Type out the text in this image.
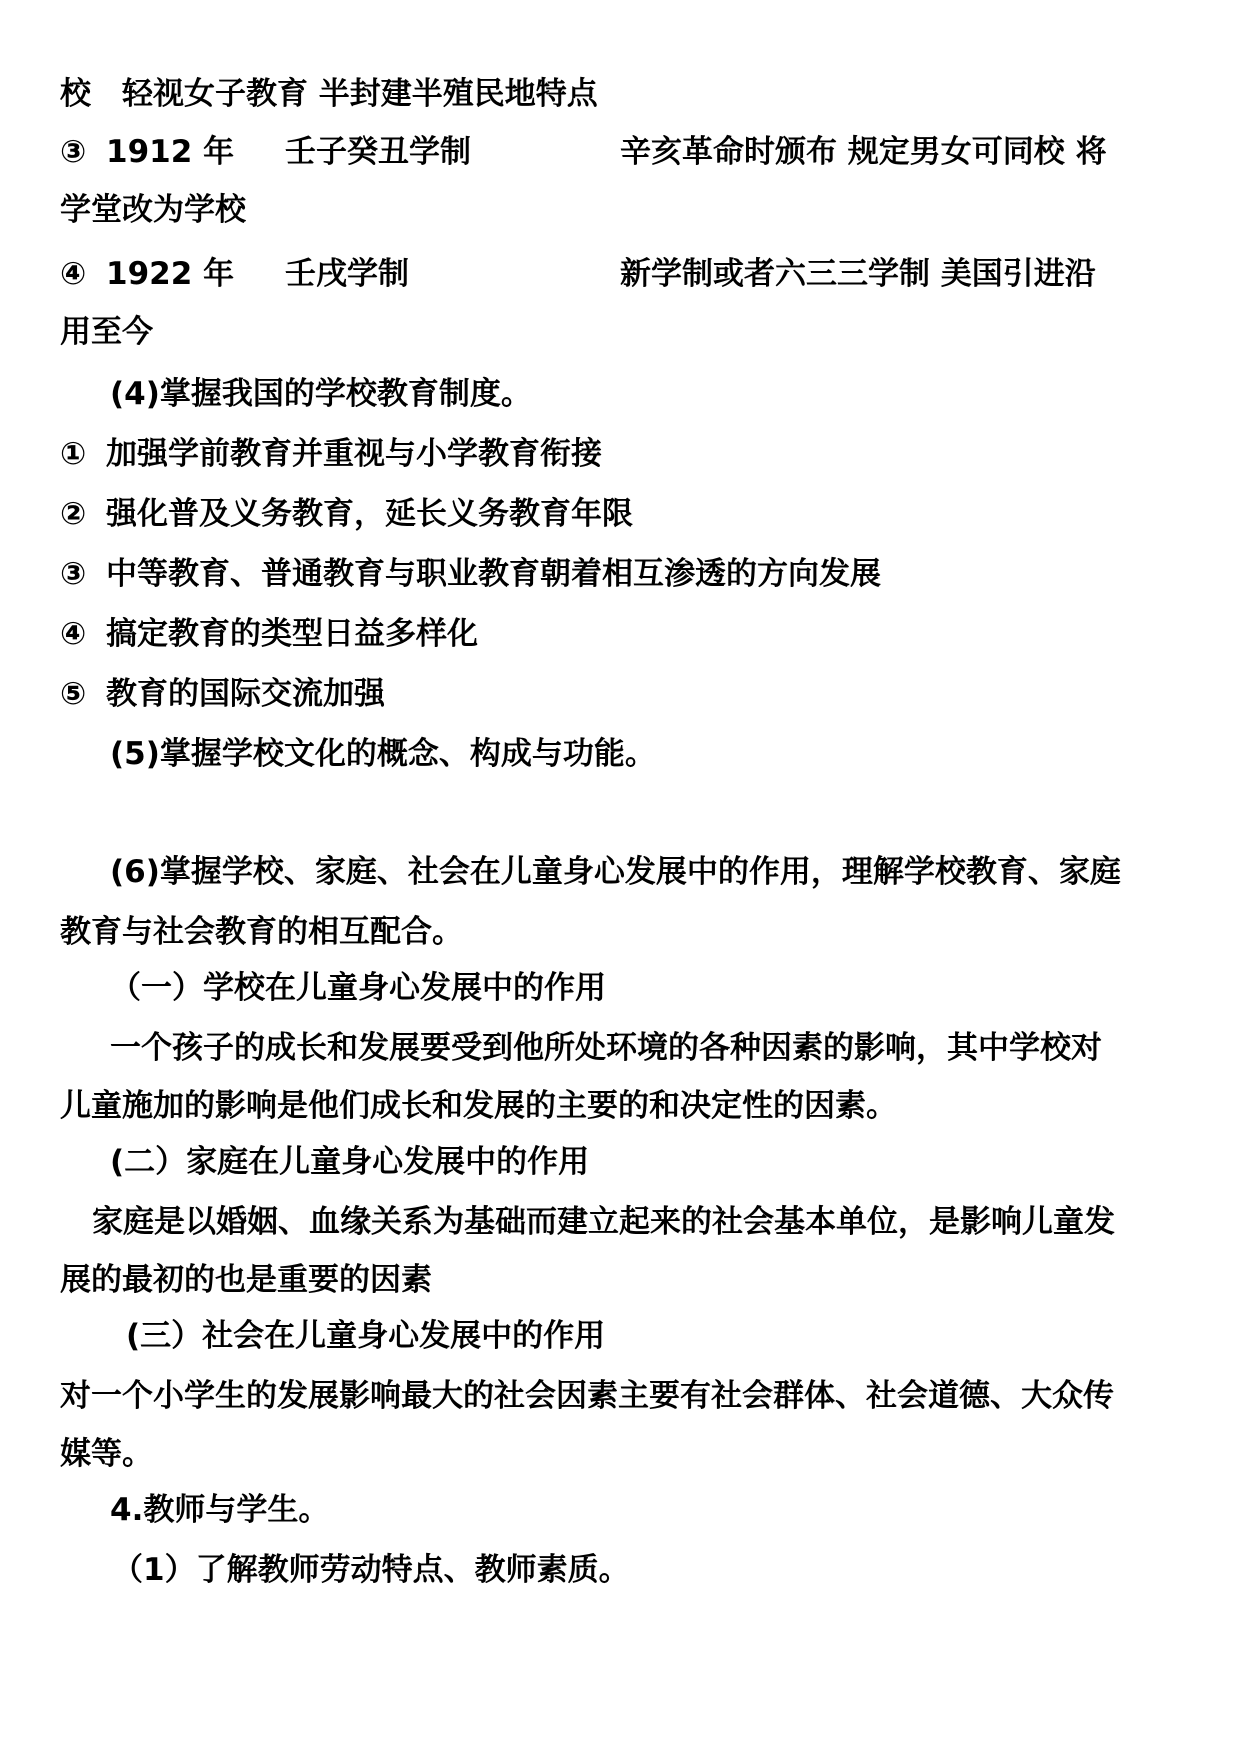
校　轻视女子教育 半封建半殖民地特点
③ 1912 年 壬子癸丑学制	辛亥革命时颁布 规定男女可同校 将
学堂改为学校
④ 1922 年 壬戌学制	新学制或者六三三学制 美国引进沿
用至今
(4)掌握我国的学校教育制度。
① 加强学前教育并重视与小学教育衔接
② 强化普及义务教育，延长义务教育年限
③ 中等教育、普通教育与职业教育朝着相互渗透的方向发展
④ 搞定教育的类型日益多样化
⑤ 教育的国际交流加强
(5)掌握学校文化的概念、构成与功能。
(6)掌握学校、家庭、社会在儿童身心发展中的作用，理解学校教育、家庭
教育与社会教育的相互配合。
（一）学校在儿童身心发展中的作用
一个孩子的成长和发展要受到他所处环境的各种因素的影响，其中学校对
儿童施加的影响是他们成长和发展的主要的和决定性的因素。
(二）家庭在儿童身心发展中的作用
家庭是以婚姻、血缘关系为基础而建立起来的社会基本单位，是影响儿童发
展的最初的也是重要的因素
(三）社会在儿童身心发展中的作用
对一个小学生的发展影响最大的社会因素主要有社会群体、社会道德、大众传
媒等。
4.教师与学生。
（1）了解教师劳动特点、教师素质。
